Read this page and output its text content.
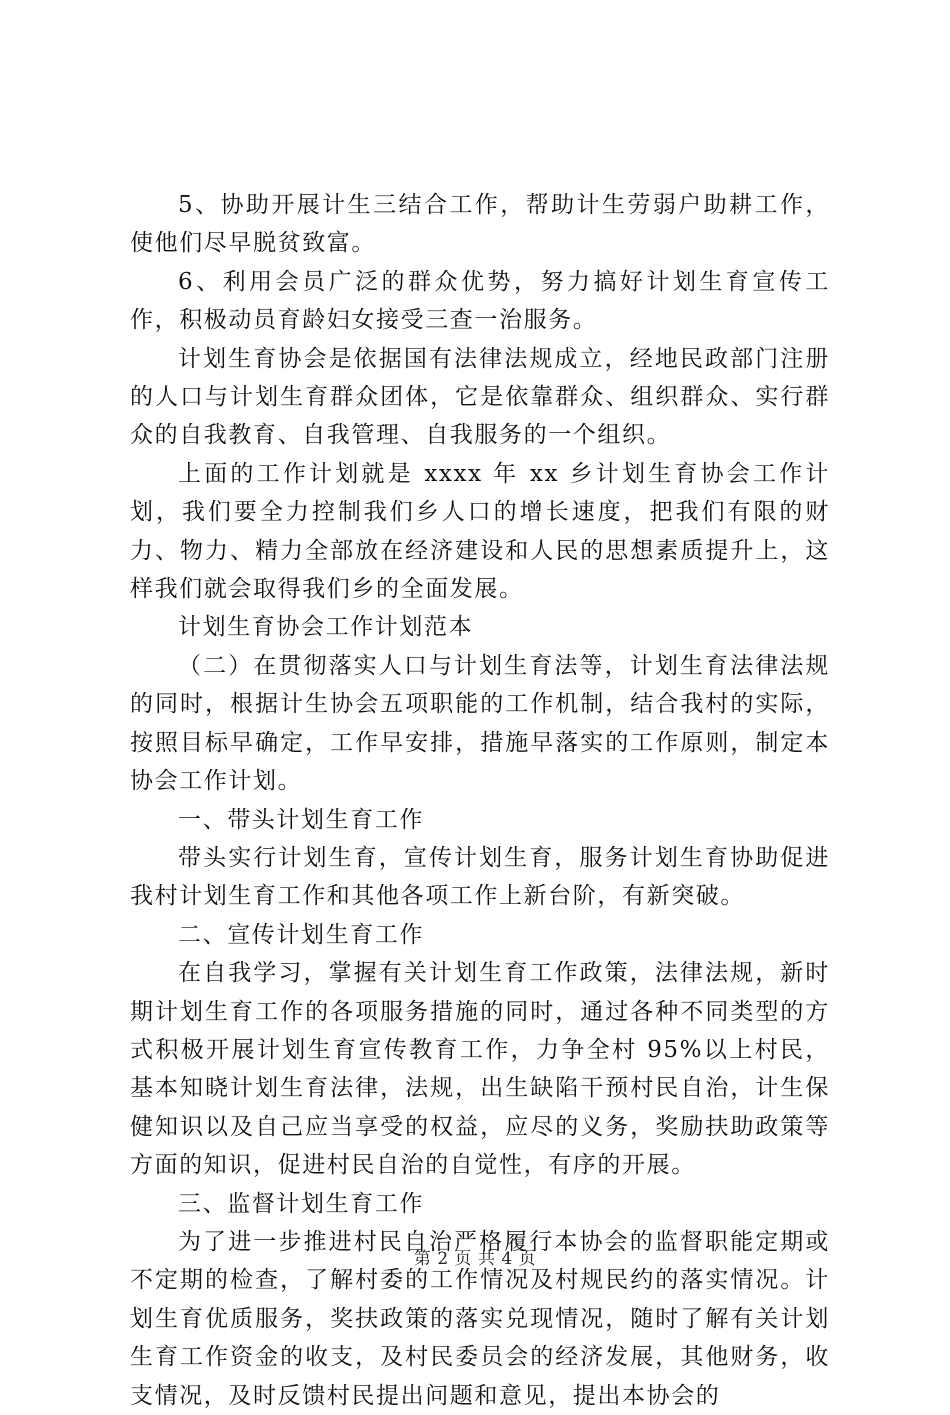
5、协助开展计生三结合工作，帮助计生劳弱户助耕工作，使他们尽早脱贫致富。

6、利用会员广泛的群众优势，努力搞好计划生育宣传工作，积极动员育龄妇女接受三查一治服务。

计划生育协会是依据国有法律法规成立，经地民政部门注册的人口与计划生育群众团体，它是依靠群众、组织群众、实行群众的自我教育、自我管理、自我服务的一个组织。

上面的工作计划就是 xxxx 年 xx 乡计划生育协会工作计划，我们要全力控制我们乡人口的增长速度，把我们有限的财力、物力、精力全部放在经济建设和人民的思想素质提升上，这样我们就会取得我们乡的全面发展。

计划生育协会工作计划范本

（二）在贯彻落实人口与计划生育法等，计划生育法律法规的同时，根据计生协会五项职能的工作机制，结合我村的实际，按照目标早确定，工作早安排，措施早落实的工作原则，制定本协会工作计划。

一、带头计划生育工作

带头实行计划生育，宣传计划生育，服务计划生育协助促进我村计划生育工作和其他各项工作上新台阶，有新突破。

二、宣传计划生育工作

在自我学习，掌握有关计划生育工作政策，法律法规，新时期计划生育工作的各项服务措施的同时，通过各种不同类型的方式积极开展计划生育宣传教育工作，力争全村 95%以上村民，基本知晓计划生育法律，法规，出生缺陷干预村民自治，计生保健知识以及自己应当享受的权益，应尽的义务，奖励扶助政策等方面的知识，促进村民自治的自觉性，有序的开展。

三、监督计划生育工作

为了进一步推进村民自治严格履行本协会的监督职能定期或不定期的检查，了解村委的工作情况及村规民约的落实情况。计划生育优质服务，奖扶政策的落实兑现情况，随时了解有关计划生育工作资金的收支，及村民委员会的经济发展，其他财务，收支情况，及时反馈村民提出问题和意见，提出本协会的

第 2 页 共 4 页
